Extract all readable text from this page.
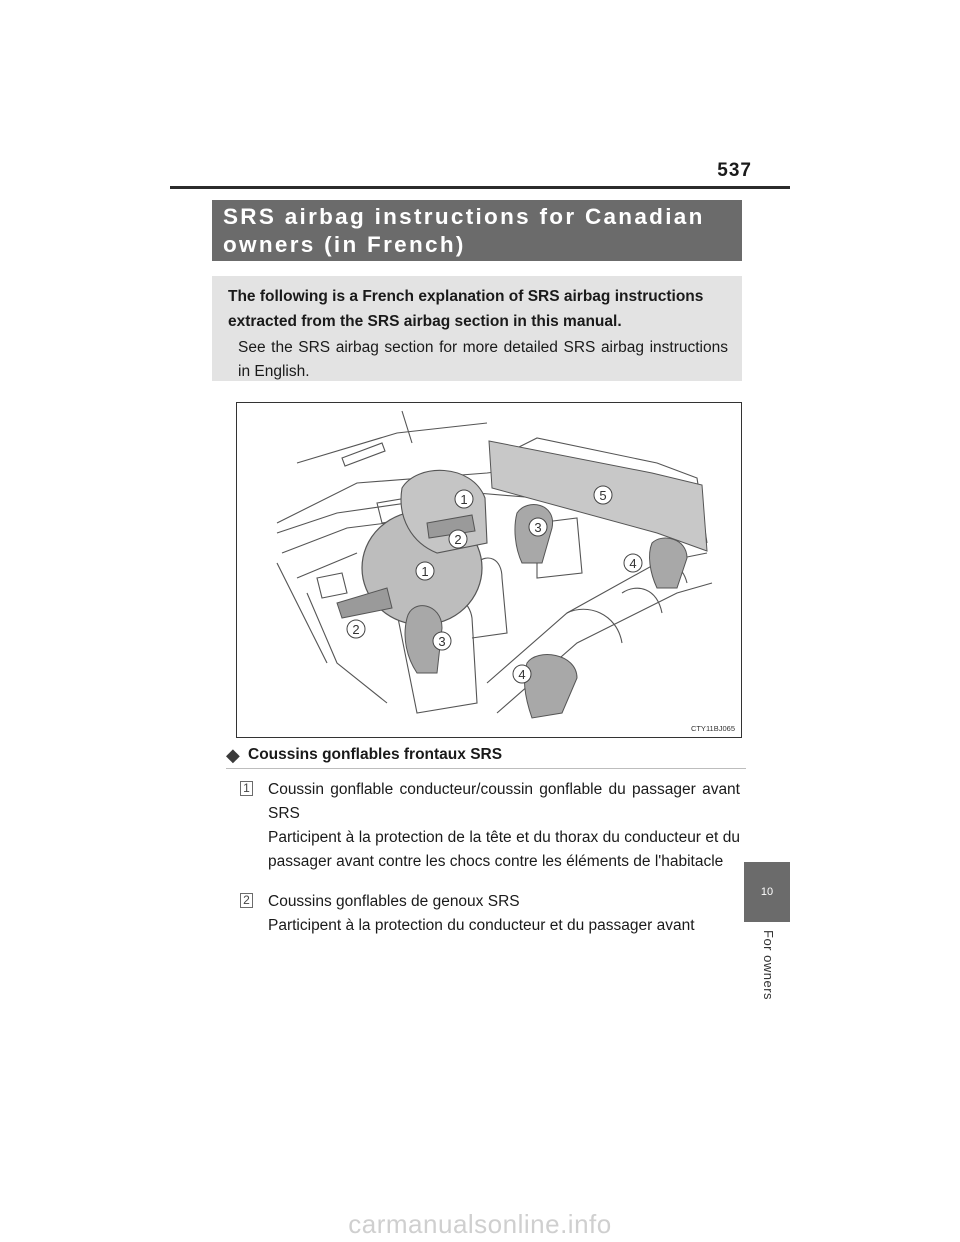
537
SRS airbag instructions for Canadian
owners (in French)

The following is a French explanation of SRS airbag instructions extracted from the SRS airbag section in this manual.

See the SRS airbag section for more detailed SRS airbag instructions in English.

1
1
2
2
3
3
4
4
5
CTY11BJ065
◆ Coussins gonflables frontaux SRS
1 Coussin gonflable conducteur/coussin gonflable du passager avant SRS

Participent à la protection de la tête et du thorax du conducteur et du passager avant contre les chocs contre les éléments de l'habitacle

2 Coussins gonflables de genoux SRS

Participent à la protection du conducteur et du passager avant

10
For owners
carmanualsonline.info
